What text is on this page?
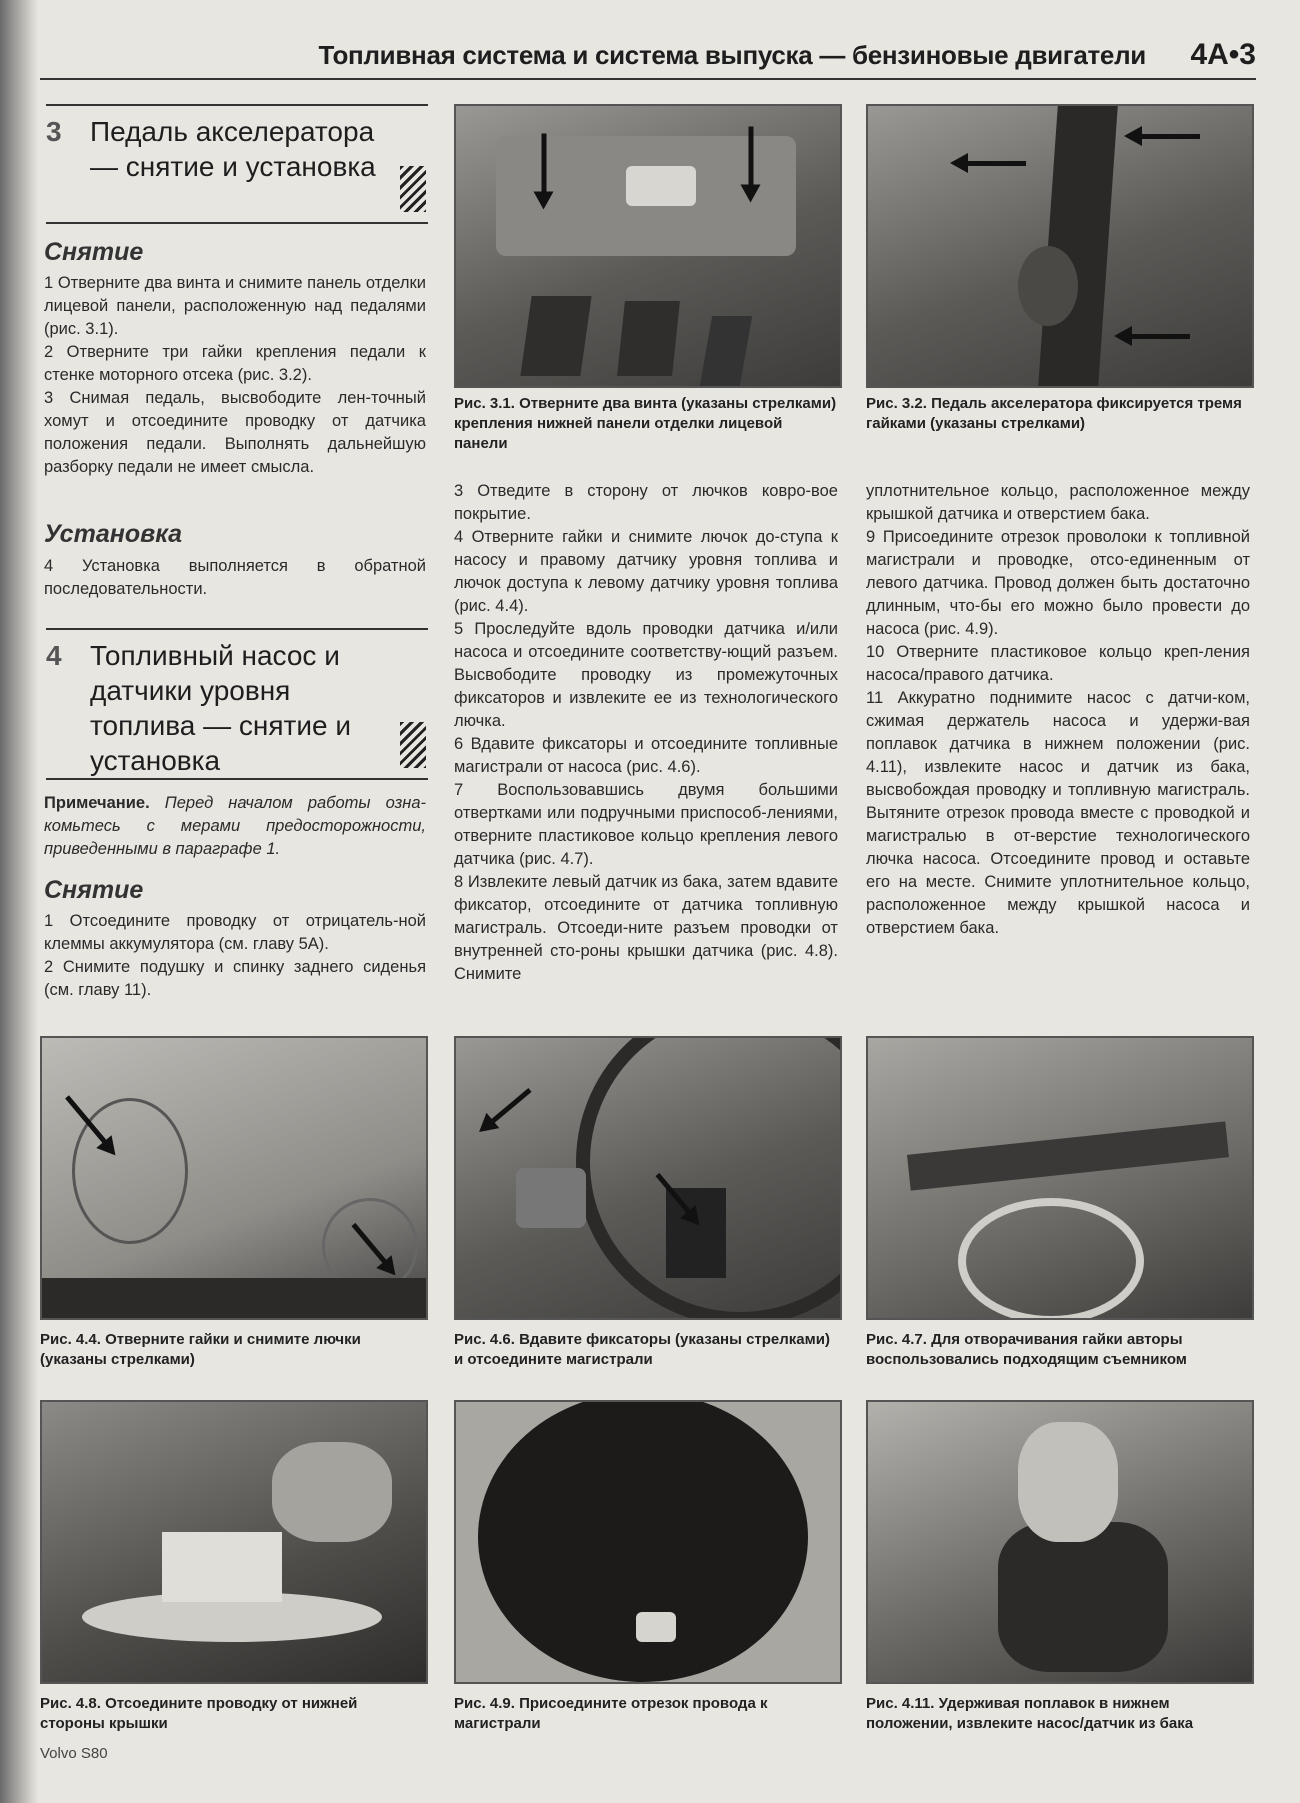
Топливная система и система выпуска — бензиновые двигатели 4A•3
3 Педаль акселератора — снятие и установка
Снятие

1 Отверните два винта и снимите панель отделки лицевой панели, расположенную над педалями (рис. 3.1).

2 Отверните три гайки крепления педали к стенке моторного отсека (рис. 3.2).

3 Снимая педаль, высвободите лен-точный хомут и отсоедините проводку от датчика положения педали. Выполнять дальнейшую разборку педали не имеет смысла.

Установка

4 Установка выполняется в обратной последовательности.

4 Топливный насос и датчики уровня топлива — снятие и установка
Примечание. Перед началом работы озна-комьтесь с мерами предосторожности, приведенными в параграфе 1.
Снятие

1 Отсоедините проводку от отрицатель-ной клеммы аккумулятора (см. главу 5А).

2 Снимите подушку и спинку заднего сиденья (см. главу 11).

Рис. 3.1. Отверните два винта (указаны стрелками) крепления нижней панели отделки лицевой панели
Рис. 3.2. Педаль акселератора фиксируется тремя гайками (указаны стрелками)

3 Отведите в сторону от лючков ковро-вое покрытие.

4 Отверните гайки и снимите лючок до-ступа к насосу и правому датчику уровня топлива и лючок доступа к левому датчику уровня топлива (рис. 4.4).

5 Проследуйте вдоль проводки датчика и/или насоса и отсоедините соответству-ющий разъем. Высвободите проводку из промежуточных фиксаторов и извлеките ее из технологического лючка.

6 Вдавите фиксаторы и отсоедините топливные магистрали от насоса (рис. 4.6).

7 Воспользовавшись двумя большими отвертками или подручными приспособ-лениями, отверните пластиковое кольцо крепления левого датчика (рис. 4.7).

8 Извлеките левый датчик из бака, затем вдавите фиксатор, отсоедините от датчика топливную магистраль. Отсоеди-ните разъем проводки от внутренней сто-роны крышки датчика (рис. 4.8). Снимите

уплотнительное кольцо, расположенное между крышкой датчика и отверстием бака.

9 Присоедините отрезок проволоки к топливной магистрали и проводке, отсо-единенным от левого датчика. Провод должен быть достаточно длинным, что-бы его можно было провести до насоса (рис. 4.9).

10 Отверните пластиковое кольцо креп-ления насоса/правого датчика.

11 Аккуратно поднимите насос с датчи-ком, сжимая держатель насоса и удержи-вая поплавок датчика в нижнем положении (рис. 4.11), извлеките насос и датчик из бака, высвобождая проводку и топливную магистраль. Вытяните отрезок провода вместе с проводкой и магистралью в от-верстие технологического лючка насоса. Отсоедините провод и оставьте его на месте. Снимите уплотнительное кольцо, расположенное между крышкой насоса и отверстием бака.

Рис. 4.4. Отверните гайки и снимите лючки (указаны стрелками)
Рис. 4.6. Вдавите фиксаторы (указаны стрелками) и отсоедините магистрали
Рис. 4.7. Для отворачивания гайки авторы воспользовались подходящим съемником
Рис. 4.8. Отсоедините проводку от нижней стороны крышки
Рис. 4.9. Присоедините отрезок провода к магистрали
Рис. 4.11. Удерживая поплавок в нижнем положении, извлеките насос/датчик из бака
Volvo S80
